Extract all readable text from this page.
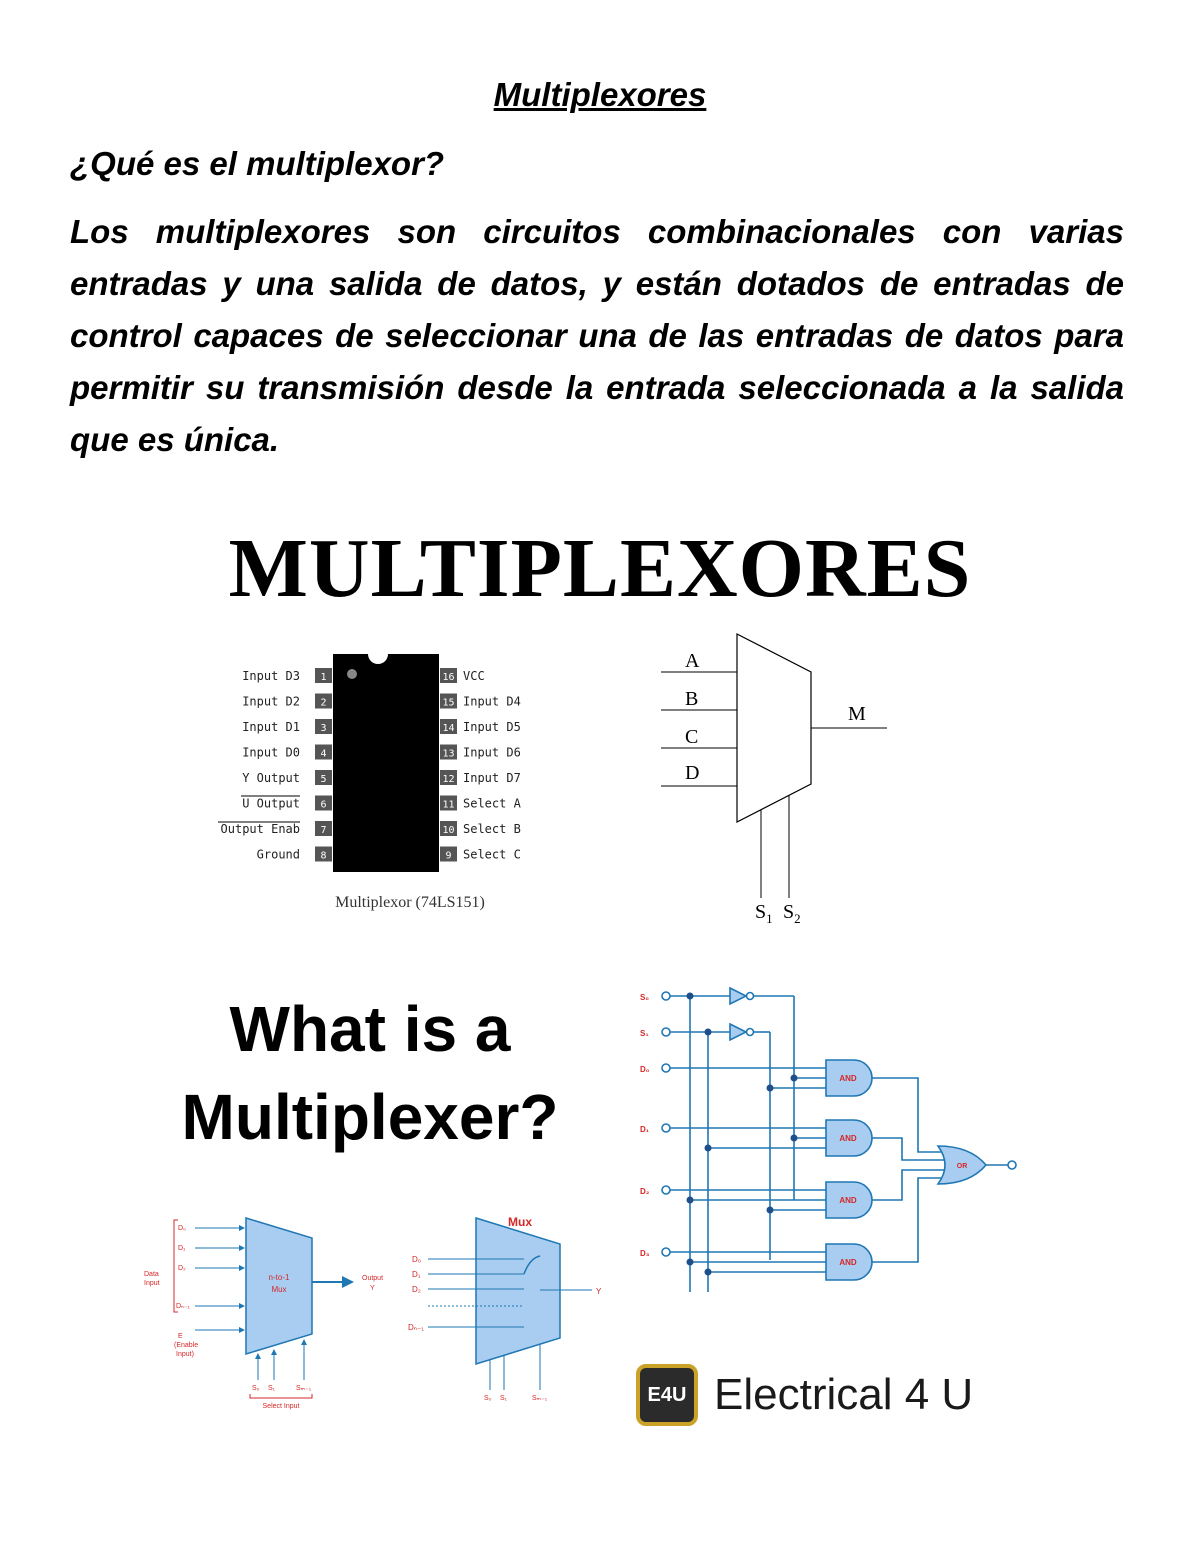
Multiplexores
¿Qué es el multiplexor?
Los multiplexores son circuitos combinacionales con varias entradas y una salida de datos, y están dotados de entradas de control capaces de seleccionar una de las entradas de datos para permitir su transmisión desde la entrada seleccionada a la salida que es única.
MULTIPLEXORES
1
Input D3
2
Input D2
3
Input D1
4
Input D0
5
Y Output
6
U Output
7
Output Enab
8
Ground
16 VCC
15 Input D4
14 Input D5
13 Input D6
12 Input D7
11 Select A
10 Select B
9 Select C
Multiplexor (74LS151)
A
B
C
D
M
$S_1$ $S_2$
What is a
Multiplexer?
D₀
D₁
D₂
Dₙ₋₁
Data
Input
E
(Enable
Input)
n-to-1
Mux
Output
Y
S₀ S₁	Sₘ₋₁
Select Input
Mux
D₀
D₁
D₂
Dₙ₋₁
Y
S₀ S₁	Sₘ₋₁
S₀
S₁
D₀
D₁
D₂
D₃
AND
AND
AND
AND
OR
E4U Electrical 4 U
